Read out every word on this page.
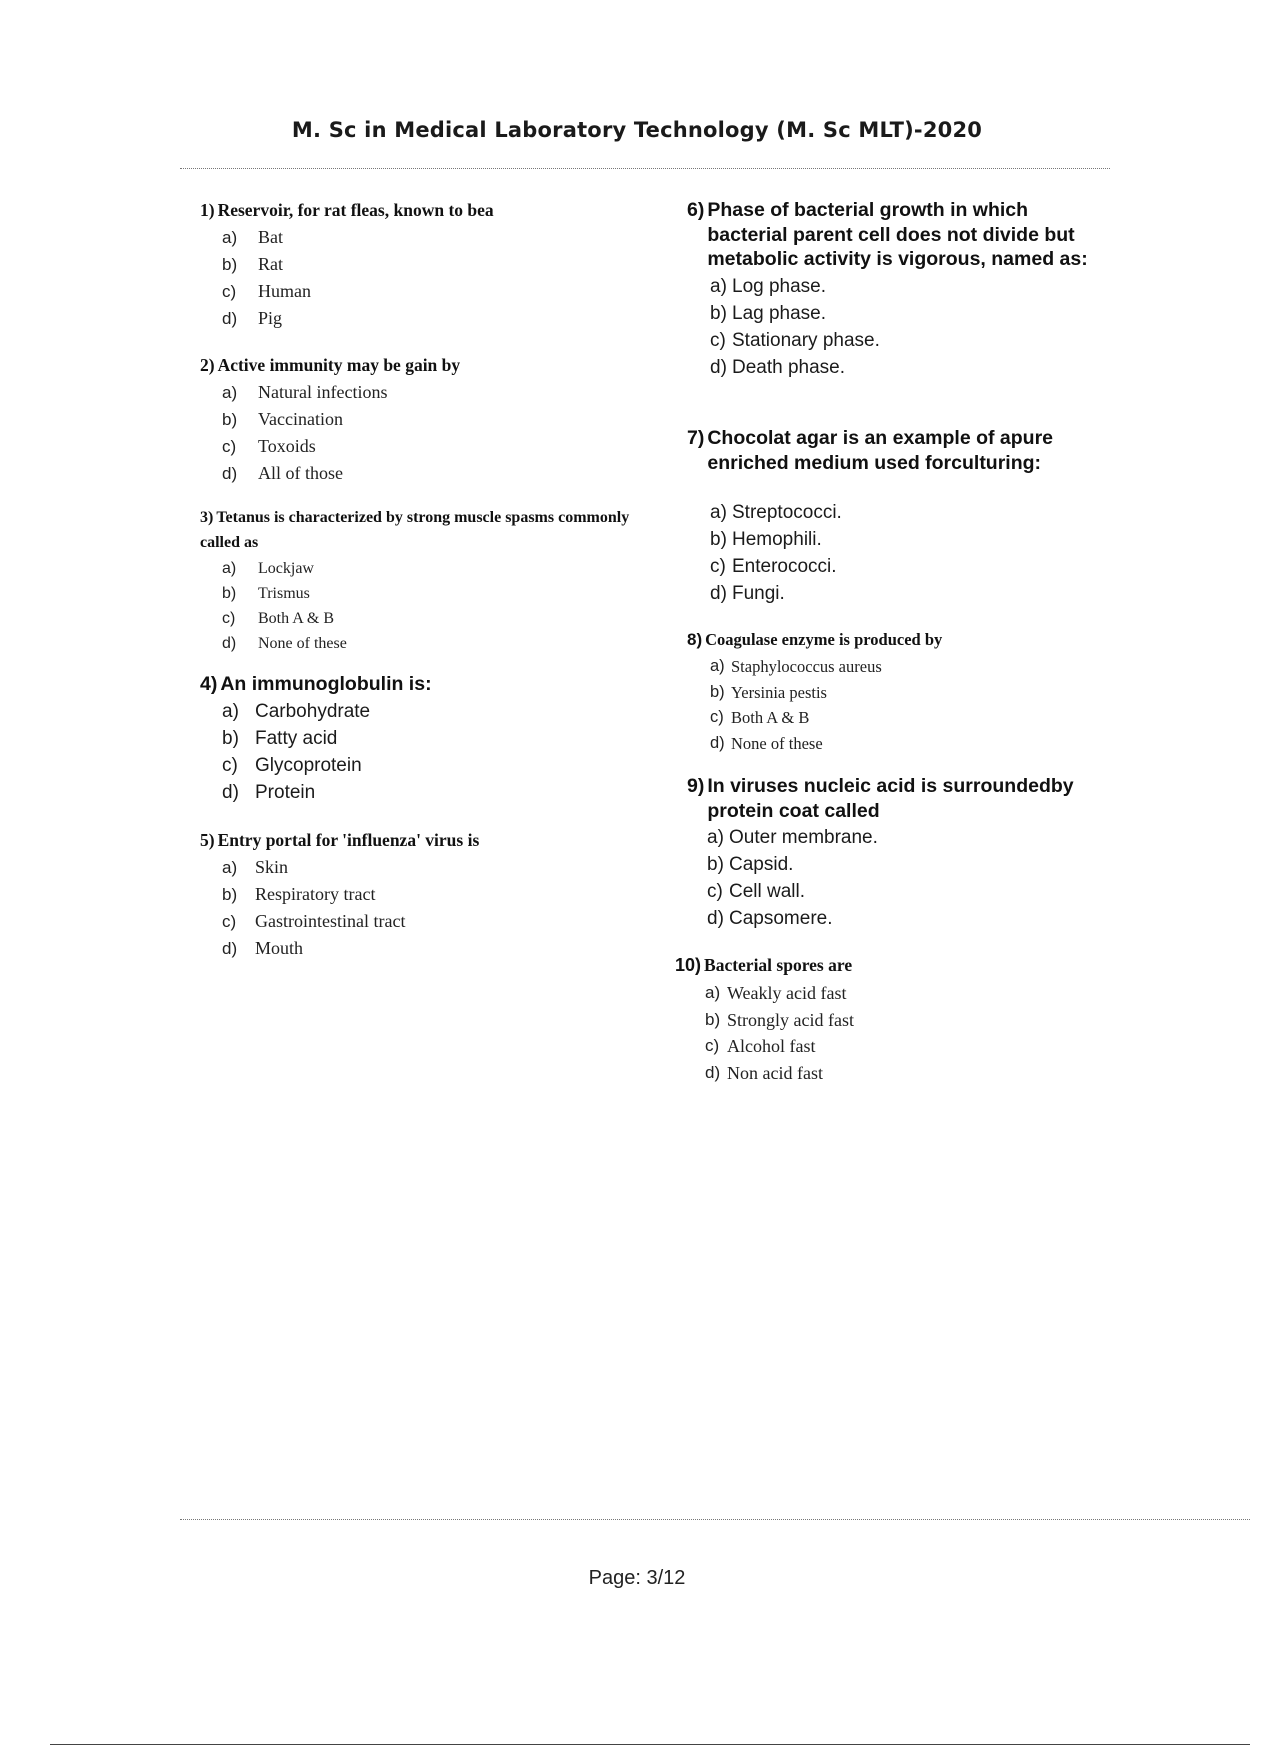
M. Sc in Medical Laboratory Technology (M. Sc MLT)-2020

1) Reservoir, for rat fleas, known to bea

a)	Bat
b)	Rat
c)	Human
d)	Pig

2) Active immunity may be gain by

a)	Natural infections
b)	Vaccination
c)	Toxoids
d)	All of those

3) Tetanus is characterized by strong muscle spasms commonly called as

a)	Lockjaw
b)	Trismus
c)	Both A & B
d)	None of these

4) An immunoglobulin is:

a) Carbohydrate
b) Fatty acid
c) Glycoprotein
d) Protein

5) Entry portal for 'influenza' virus is

a) Skin
b) Respiratory tract
c)	Gastrointestinal tract
d) Mouth

6) Phase of bacterial growth in which bacterial parent cell does not divide but metabolic activity is vigorous, named as:

a) Log phase.
b) Lag phase.
c) Stationary phase.
d) Death phase.

7) Chocolat agar is an example of apure enriched medium used forculturing:

a) Streptococci.
b) Hemophili.
c) Enterococci.
d) Fungi.

8) Coagulase enzyme is produced by

a) Staphylococcus aureus
b) Yersinia pestis
c) Both A & B
d) None of these

9) In viruses nucleic acid is surroundedby protein coat called

a) Outer membrane.
b) Capsid.
c) Cell wall.
d) Capsomere.

10) Bacterial spores are

a) Weakly acid fast
b) Strongly acid fast
c) Alcohol fast
d) Non acid fast
Page: 3/12
